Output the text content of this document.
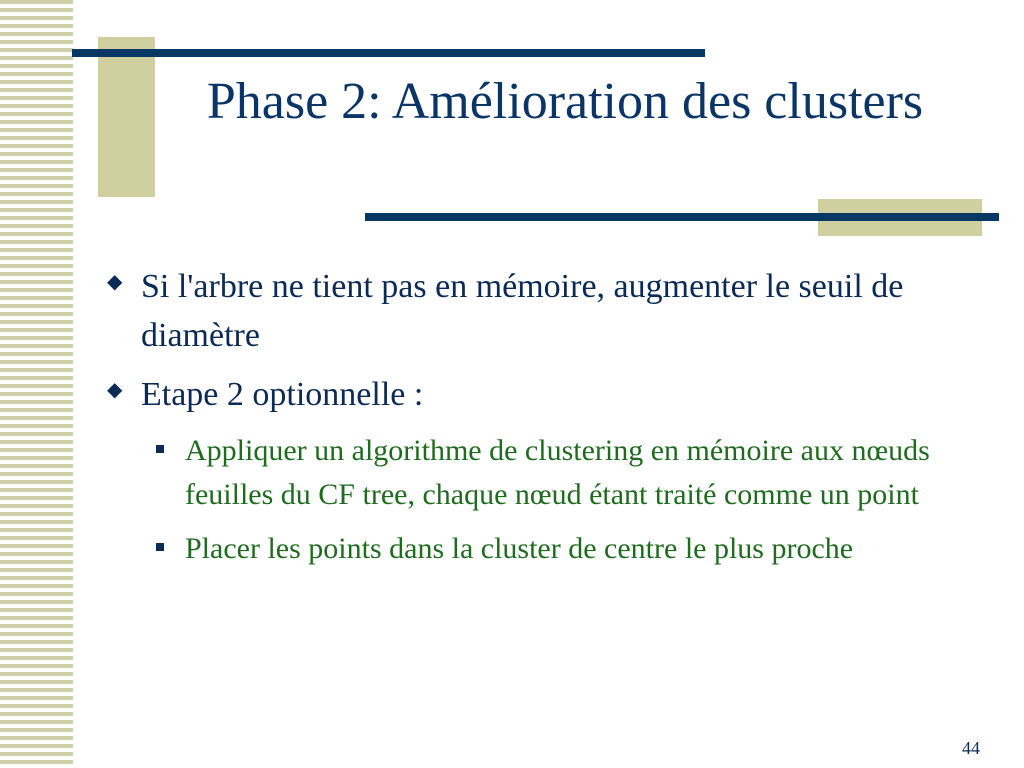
Phase 2: Amélioration des clusters
◆ Si l'arbre ne tient pas en mémoire, augmenter le seuil de diamètre
◆ Etape 2 optionnelle :
Appliquer un algorithme de clustering en mémoire aux nœuds feuilles du CF tree, chaque nœud étant traité comme un point
Placer les points dans la cluster de centre le plus proche
44
